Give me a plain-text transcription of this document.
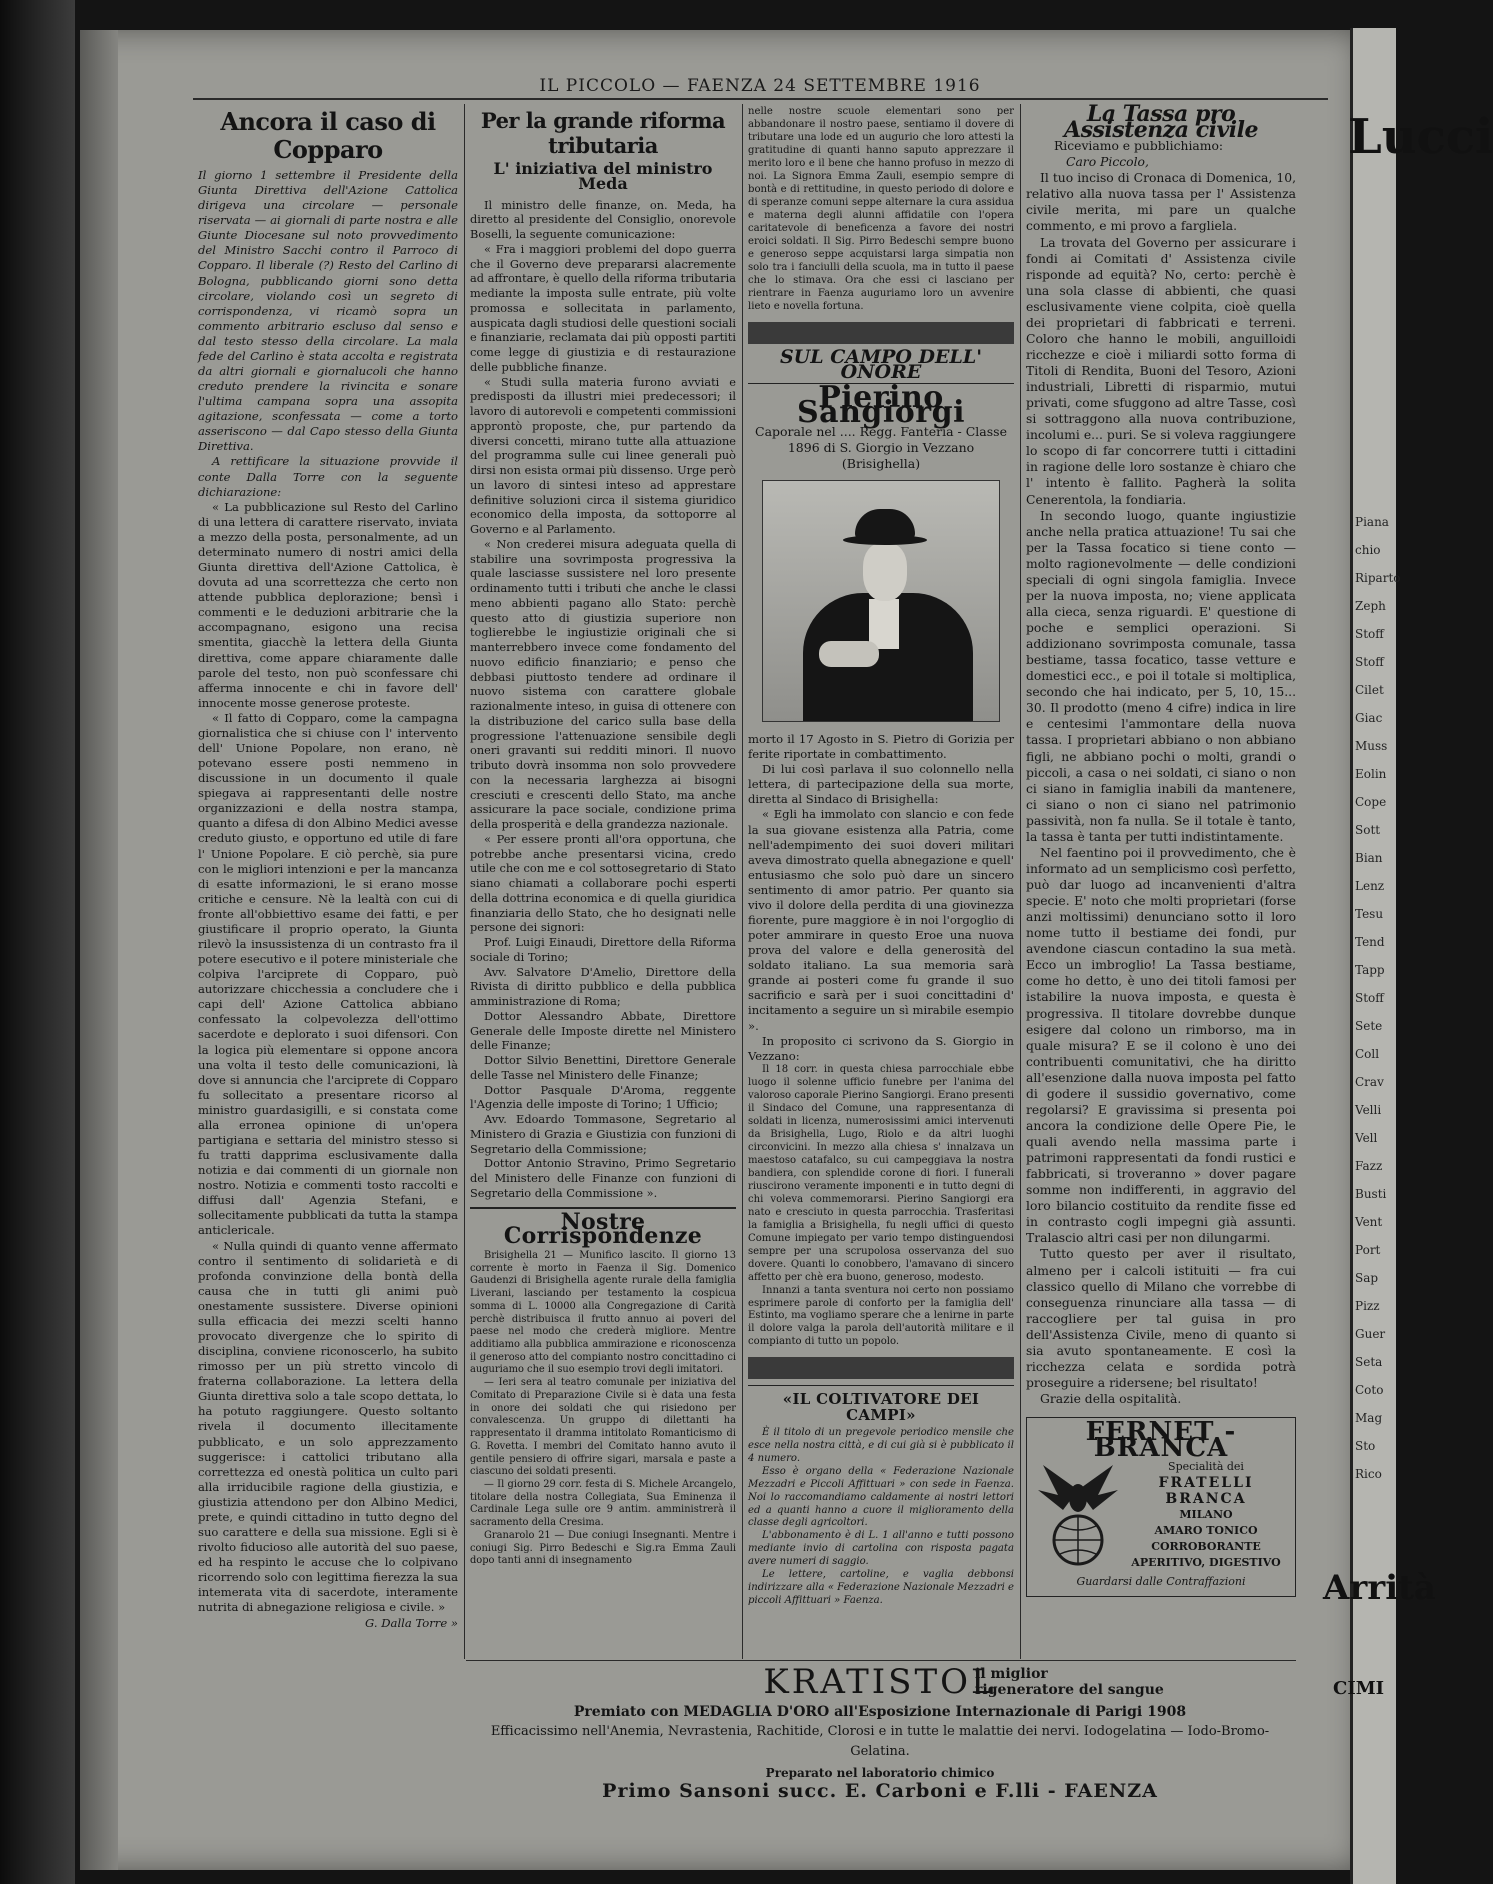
Lucci
Piana
chio
Riparto
Zeph
Stoff
Stoff
Cilet
Giac
Muss
Eolin
Cope
Sott
Bian
Lenz
Tesu
Tend
Tapp
Stoff
Sete
Coll
Crav
Velli
Vell
Fazz
Busti
Vent
Port
Sap
Pizz
Guer
Seta
Coto
Mag
Sto
Rico
Arrità
CIMI
IL PICCOLO — FAENZA 24 SETTEMBRE 1916
Ancora il caso di Copparo

Il giorno 1 settembre il Presidente della Giunta Direttiva dell'Azione Cattolica dirigeva una circolare — personale riservata — ai giornali di parte nostra e alle Giunte Diocesane sul noto provvedimento del Ministro Sacchi contro il Parroco di Copparo. Il liberale (?) Resto del Carlino di Bologna, pubblicando giorni sono detta circolare, violando così un segreto di corrispondenza, vi ricamò sopra un commento arbitrario escluso dal senso e dal testo stesso della circolare. La mala fede del Carlino è stata accolta e registrata da altri giornali e giornalucoli che hanno creduto prendere la rivincita e sonare l'ultima campana sopra una assopita agitazione, sconfessata — come a torto asseriscono — dal Capo stesso della Giunta Direttiva.

A rettificare la situazione provvide il conte Dalla Torre con la seguente dichiarazione:

« La pubblicazione sul Resto del Carlino di una lettera di carattere riservato, inviata a mezzo della posta, personalmente, ad un determinato numero di nostri amici della Giunta direttiva dell'Azione Cattolica, è dovuta ad una scorrettezza che certo non attende pubblica deplorazione; bensì i commenti e le deduzioni arbitrarie che la accompagnano, esigono una recisa smentita, giacchè la lettera della Giunta direttiva, come appare chiaramente dalle parole del testo, non può sconfessare chi afferma innocente e chi in favore dell' innocente mosse generose proteste.

« Il fatto di Copparo, come la campagna giornalistica che si chiuse con l' intervento dell' Unione Popolare, non erano, nè potevano essere posti nemmeno in discussione in un documento il quale spiegava ai rappresentanti delle nostre organizzazioni e della nostra stampa, quanto a difesa di don Albino Medici avesse creduto giusto, e opportuno ed utile di fare l' Unione Popolare. E ciò perchè, sia pure con le migliori intenzioni e per la mancanza di esatte informazioni, le si erano mosse critiche e censure. Nè la lealtà con cui di fronte all'obbiettivo esame dei fatti, e per giustificare il proprio operato, la Giunta rilevò la insussistenza di un contrasto fra il potere esecutivo e il potere ministeriale che colpiva l'arciprete di Copparo, può autorizzare chicchessia a concludere che i capi dell' Azione Cattolica abbiano confessato la colpevolezza dell'ottimo sacerdote e deplorato i suoi difensori. Con la logica più elementare si oppone ancora una volta il testo delle comunicazioni, là dove si annuncia che l'arciprete di Copparo fu sollecitato a presentare ricorso al ministro guardasigilli, e si constata come alla erronea opinione di un'opera partigiana e settaria del ministro stesso si fu tratti dapprima esclusivamente dalla notizia e dai commenti di un giornale non nostro. Notizia e commenti tosto raccolti e diffusi dall' Agenzia Stefani, e sollecitamente pubblicati da tutta la stampa anticlericale.

« Nulla quindi di quanto venne affermato contro il sentimento di solidarietà e di profonda convinzione della bontà della causa che in tutti gli animi può onestamente sussistere. Diverse opinioni sulla efficacia dei mezzi scelti hanno provocato divergenze che lo spirito di disciplina, conviene riconoscerlo, ha subito rimosso per un più stretto vincolo di fraterna collaborazione. La lettera della Giunta direttiva solo a tale scopo dettata, lo ha potuto raggiungere. Questo soltanto rivela il documento illecitamente pubblicato, e un solo apprezzamento suggerisce: i cattolici tributano alla correttezza ed onestà politica un culto pari alla irriducibile ragione della giustizia, e giustizia attendono per don Albino Medici, prete, e quindi cittadino in tutto degno del suo carattere e della sua missione. Egli si è rivolto fiducioso alle autorità del suo paese, ed ha respinto le accuse che lo colpivano ricorrendo solo con legittima fierezza la sua intemerata vita di sacerdote, interamente nutrita di abnegazione religiosa e civile. »

G. Dalla Torre »

Per la grande riforma tributaria
L' iniziativa del ministro Meda

Il ministro delle finanze, on. Meda, ha diretto al presidente del Consiglio, onorevole Boselli, la seguente comunicazione:

« Fra i maggiori problemi del dopo guerra che il Governo deve prepararsi alacremente ad affrontare, è quello della riforma tributaria mediante la imposta sulle entrate, più volte promossa e sollecitata in parlamento, auspicata dagli studiosi delle questioni sociali e finanziarie, reclamata dai più opposti partiti come legge di giustizia e di restaurazione delle pubbliche finanze.

« Studi sulla materia furono avviati e predisposti da illustri miei predecessori; il lavoro di autorevoli e competenti commissioni approntò proposte, che, pur partendo da diversi concetti, mirano tutte alla attuazione del programma sulle cui linee generali può dirsi non esista ormai più dissenso. Urge però un lavoro di sintesi inteso ad apprestare definitive soluzioni circa il sistema giuridico economico della imposta, da sottoporre al Governo e al Parlamento.

« Non crederei misura adeguata quella di stabilire una sovrimposta progressiva la quale lasciasse sussistere nel loro presente ordinamento tutti i tributi che anche le classi meno abbienti pagano allo Stato: perchè questo atto di giustizia superiore non toglierebbe le ingiustizie originali che si manterrebbero invece come fondamento del nuovo edificio finanziario; e penso che debbasi piuttosto tendere ad ordinare il nuovo sistema con carattere globale razionalmente inteso, in guisa di ottenere con la distribuzione del carico sulla base della progressione l'attenuazione sensibile degli oneri gravanti sui redditi minori. Il nuovo tributo dovrà insomma non solo provvedere con la necessaria larghezza ai bisogni cresciuti e crescenti dello Stato, ma anche assicurare la pace sociale, condizione prima della prosperità e della grandezza nazionale.

« Per essere pronti all'ora opportuna, che potrebbe anche presentarsi vicina, credo utile che con me e col sottosegretario di Stato siano chiamati a collaborare pochi esperti della dottrina economica e di quella giuridica finanziaria dello Stato, che ho designati nelle persone dei signori:

Prof. Luigi Einaudi, Direttore della Riforma sociale di Torino;

Avv. Salvatore D'Amelio, Direttore della Rivista di diritto pubblico e della pubblica amministrazione di Roma;

Dottor Alessandro Abbate, Direttore Generale delle Imposte dirette nel Ministero delle Finanze;

Dottor Silvio Benettini, Direttore Generale delle Tasse nel Ministero delle Finanze;

Dottor Pasquale D'Aroma, reggente l'Agenzia delle imposte di Torino; 1 Ufficio;

Avv. Edoardo Tommasone, Segretario al Ministero di Grazia e Giustizia con funzioni di Segretario della Commissione;

Dottor Antonio Stravino, Primo Segretario del Ministero delle Finanze con funzioni di Segretario della Commissione ».

Nostre Corrispondenze

Brisighella 21 — Munifico lascito. Il giorno 13 corrente è morto in Faenza il Sig. Domenico Gaudenzi di Brisighella agente rurale della famiglia Liverani, lasciando per testamento la cospicua somma di L. 10000 alla Congregazione di Carità perchè distribuisca il frutto annuo ai poveri del paese nel modo che crederà migliore. Mentre additiamo alla pubblica ammirazione e riconoscenza il generoso atto del compianto nostro concittadino ci auguriamo che il suo esempio trovi degli imitatori.

— Ieri sera al teatro comunale per iniziativa del Comitato di Preparazione Civile si è data una festa in onore dei soldati che qui risiedono per convalescenza. Un gruppo di dilettanti ha rappresentato il dramma intitolato Romanticismo di G. Rovetta. I membri del Comitato hanno avuto il gentile pensiero di offrire sigari, marsala e paste a ciascuno dei soldati presenti.

— Il giorno 29 corr. festa di S. Michele Arcangelo, titolare della nostra Collegiata, Sua Eminenza il Cardinale Lega sulle ore 9 antim. amministrerà il sacramento della Cresima.

Granarolo 21 — Due coniugi Insegnanti. Mentre i coniugi Sig. Pirro Bedeschi e Sig.ra Emma Zauli dopo tanti anni di insegnamento

nelle nostre scuole elementari sono per abbandonare il nostro paese, sentiamo il dovere di tributare una lode ed un augurio che loro attesti la gratitudine di quanti hanno saputo apprezzare il merito loro e il bene che hanno profuso in mezzo di noi. La Signora Emma Zauli, esempio sempre di bontà e di rettitudine, in questo periodo di dolore e di speranze comuni seppe alternare la cura assidua e materna degli alunni affidatile con l'opera caritatevole di beneficenza a favore dei nostri eroici soldati. Il Sig. Pirro Bedeschi sempre buono e generoso seppe acquistarsi larga simpatia non solo tra i fanciulli della scuola, ma in tutto il paese che lo stimava. Ora che essi ci lasciano per rientrare in Faenza auguriamo loro un avvenire lieto e novella fortuna.

SUL CAMPO DELL' ONORE
Pierino Sangiorgi
Caporale nel .... Regg. Fanteria - Classe 1896 di S. Giorgio in Vezzano (Brisighella)

morto il 17 Agosto in S. Pietro di Gorizia per ferite riportate in combattimento.

Di lui così parlava il suo colonnello nella lettera, di partecipazione della sua morte, diretta al Sindaco di Brisighella:

« Egli ha immolato con slancio e con fede la sua giovane esistenza alla Patria, come nell'adempimento dei suoi doveri militari aveva dimostrato quella abnegazione e quell' entusiasmo che solo può dare un sincero sentimento di amor patrio. Per quanto sia vivo il dolore della perdita di una giovinezza fiorente, pure maggiore è in noi l'orgoglio di poter ammirare in questo Eroe una nuova prova del valore e della generosità del soldato italiano. La sua memoria sarà grande ai posteri come fu grande il suo sacrificio e sarà per i suoi concittadini d' incitamento a seguire un sì mirabile esempio ».

In proposito ci scrivono da S. Giorgio in Vezzano:

Il 18 corr. in questa chiesa parrocchiale ebbe luogo il solenne ufficio funebre per l'anima del valoroso caporale Pierino Sangiorgi. Erano presenti il Sindaco del Comune, una rappresentanza di soldati in licenza, numerosissimi amici intervenuti da Brisighella, Lugo, Riolo e da altri luoghi circonvicini. In mezzo alla chiesa s' innalzava un maestoso catafalco, su cui campeggiava la nostra bandiera, con splendide corone di fiori. I funerali riuscirono veramente imponenti e in tutto degni di chi voleva commemorarsi. Pierino Sangiorgi era nato e cresciuto in questa parrocchia. Trasferitasi la famiglia a Brisighella, fu negli uffici di questo Comune impiegato per vario tempo distinguendosi sempre per una scrupolosa osservanza del suo dovere. Quanti lo conobbero, l'amavano di sincero affetto per chè era buono, generoso, modesto.

Innanzi a tanta sventura noi certo non possiamo esprimere parole di conforto per la famiglia dell' Estinto, ma vogliamo sperare che a lenirne in parte il dolore valga la parola dell'autorità militare e il compianto di tutto un popolo.

«IL COLTIVATORE DEI CAMPI»

È il titolo di un pregevole periodico mensile che esce nella nostra città, e di cui già si è pubblicato il 4 numero.

Esso è organo della « Federazione Nazionale Mezzadri e Piccoli Affittuari » con sede in Faenza. Noi lo raccomandiamo caldamente ai nostri lettori ed a quanti hanno a cuore il miglioramento della classe degli agricoltori.

L'abbonamento è di L. 1 all'anno e tutti possono mediante invio di cartolina con risposta pagata avere numeri di saggio.

Le lettere, cartoline, e vaglia debbonsi indirizzare alla « Federazione Nazionale Mezzadri e piccoli Affittuari » Faenza.

La Tassa pro Assistenza civile

Riceviamo e pubblichiamo:

Caro Piccolo,

Il tuo inciso di Cronaca di Domenica, 10, relativo alla nuova tassa per l' Assistenza civile merita, mi pare un qualche commento, e mi provo a fargliela.

La trovata del Governo per assicurare i fondi ai Comitati d' Assistenza civile risponde ad equità? No, certo: perchè è una sola classe di abbienti, che quasi esclusivamente viene colpita, cioè quella dei proprietari di fabbricati e terreni. Coloro che hanno le mobili, anguilloidi ricchezze e cioè i miliardi sotto forma di Titoli di Rendita, Buoni del Tesoro, Azioni industriali, Libretti di risparmio, mutui privati, come sfuggono ad altre Tasse, così si sottraggono alla nuova contribuzione, incolumi e... puri. Se si voleva raggiungere lo scopo di far concorrere tutti i cittadini in ragione delle loro sostanze è chiaro che l' intento è fallito. Pagherà la solita Cenerentola, la fondiaria.

In secondo luogo, quante ingiustizie anche nella pratica attuazione! Tu sai che per la Tassa focatico si tiene conto — molto ragionevolmente — delle condizioni speciali di ogni singola famiglia. Invece per la nuova imposta, no; viene applicata alla cieca, senza riguardi. E' questione di poche e semplici operazioni. Si addizionano sovrimposta comunale, tassa bestiame, tassa focatico, tasse vetture e domestici ecc., e poi il totale si moltiplica, secondo che hai indicato, per 5, 10, 15... 30. Il prodotto (meno 4 cifre) indica in lire e centesimi l'ammontare della nuova tassa. I proprietari abbiano o non abbiano figli, ne abbiano pochi o molti, grandi o piccoli, a casa o nei soldati, ci siano o non ci siano in famiglia inabili da mantenere, ci siano o non ci siano nel patrimonio passività, non fa nulla. Se il totale è tanto, la tassa è tanta per tutti indistintamente.

Nel faentino poi il provvedimento, che è informato ad un semplicismo così perfetto, può dar luogo ad incanvenienti d'altra specie. E' noto che molti proprietari (forse anzi moltissimi) denunciano sotto il loro nome tutto il bestiame dei fondi, pur avendone ciascun contadino la sua metà. Ecco un imbroglio! La Tassa bestiame, come ho detto, è uno dei titoli famosi per istabilire la nuova imposta, e questa è progressiva. Il titolare dovrebbe dunque esigere dal colono un rimborso, ma in quale misura? E se il colono è uno dei contribuenti comunitativi, che ha diritto all'esenzione dalla nuova imposta pel fatto di godere il sussidio governativo, come regolarsi? E gravissima si presenta poi ancora la condizione delle Opere Pie, le quali avendo nella massima parte i patrimoni rappresentati da fondi rustici e fabbricati, si troveranno » dover pagare somme non indifferenti, in aggravio del loro bilancio costituito da rendite fisse ed in contrasto cogli impegni già assunti. Tralascio altri casi per non dilungarmi.

Tutto questo per aver il risultato, almeno per i calcoli istituiti — fra cui classico quello di Milano che vorrebbe di conseguenza rinunciare alla tassa — di raccogliere per tal guisa in pro dell'Assistenza Civile, meno di quanto si sia avuto spontaneamente. E così la ricchezza celata e sordida potrà proseguire a ridersene; bel risultato!

Grazie della ospitalità.

FERNET - BRANCA
Specialità dei
FRATELLI BRANCA
MILANO
AMARO TONICO
CORROBORANTE
APERITIVO, DIGESTIVO
Guardarsi dalle Contraffazioni
KRATISTOL
il miglior
rigeneratore del sangue
Premiato con MEDAGLIA D'ORO all'Esposizione Internazionale di Parigi 1908
Efficacissimo nell'Anemia, Nevrastenia, Rachitide, Clorosi e in tutte le malattie dei nervi. Iodogelatina — Iodo-Bromo-Gelatina.
Preparato nel laboratorio chimico
Primo Sansoni succ. E. Carboni e F.lli - FAENZA
